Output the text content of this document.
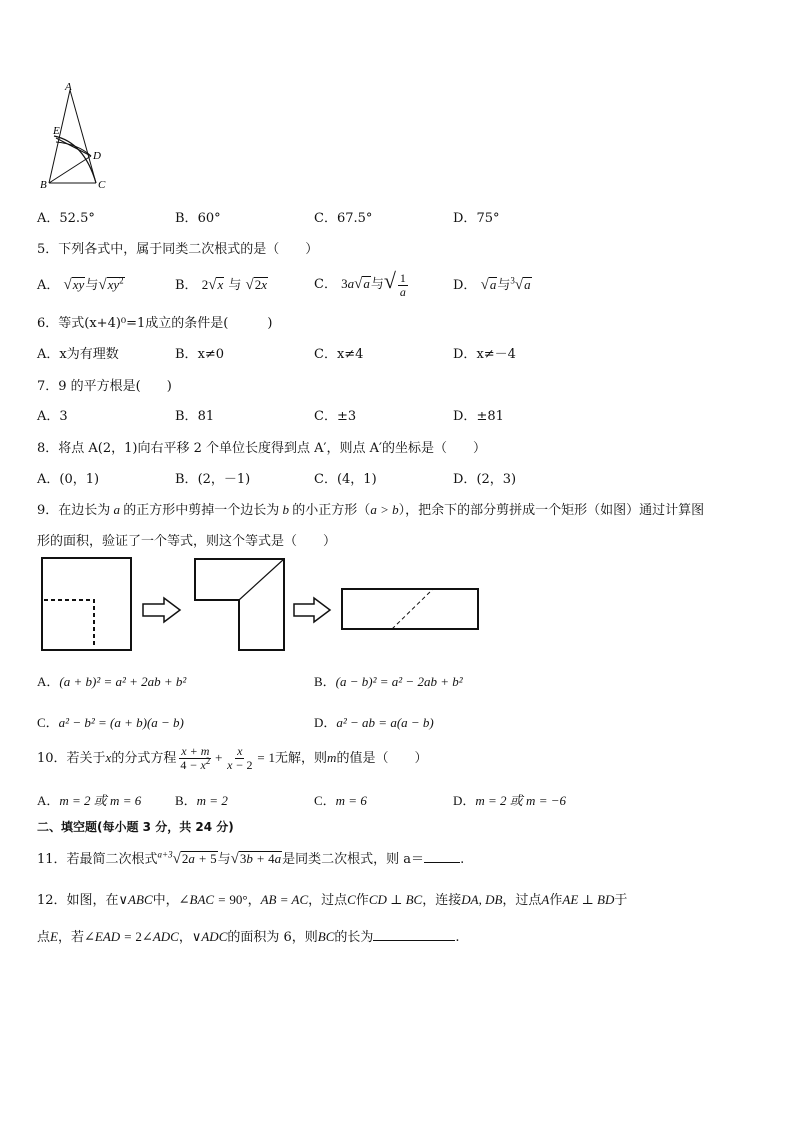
A
E
D
B	C
A．52.5°	B．60°	C．67.5°	D．75°
5．下列各式中，属于同类二次根式的是（　　）
A． √xy与$√xy^2$	B． 2√x 与 √2x	C． 3a√a与√ $\frac{1}{a}$	D． √a与$^3$√a
6．等式(x+4)⁰=1成立的条件是(　　　)
A．x为有理数	B．x≠0	C．x≠4	D．x≠－4
7．9 的平方根是(　　)
A．3	B．81	C．±3	D．±81
8．将点 A(2，1)向右平移 2 个单位长度得到点 A′，则点 A′的坐标是（　　）
A．(0，1)	B．(2，－1)	C．(4，1)	D．(2，3)
9．在边长为 a 的正方形中剪掉一个边长为 b 的小正方形（a > b），把余下的部分剪拼成一个矩形（如图）通过计算图
形的面积，验证了一个等式，则这个等式是（　　）
A．(a + b)² = a² + 2ab + b²	B．(a − b)² = a² − 2ab + b²
C．a² − b² = (a + b)(a − b)	D．a² − ab = a(a − b)
10．若关于x的分式方程 $\frac{x + m}{4 - x^2} + \frac{x}{x - 2} = 1$无解，则m的值是（　　）
A．m = 2 或 m = 6	B．m = 2	C．m = 6	D．m = 2 或 m = −6
二、填空题(每小题 3 分，共 24 分)
11．若最简二次根式$^{a+3}$√2a + 5与√3b + 4a是同类二次根式，则 a＝	.
12．如图，在∨ABC中，∠BAC = 90°，AB = AC，过点C作CD ⊥ BC，连接DA, DB，过点A作AE ⊥ BD于
点E，若∠EAD = 2∠ADC，∨ADC的面积为 6，则BC的长为	.
